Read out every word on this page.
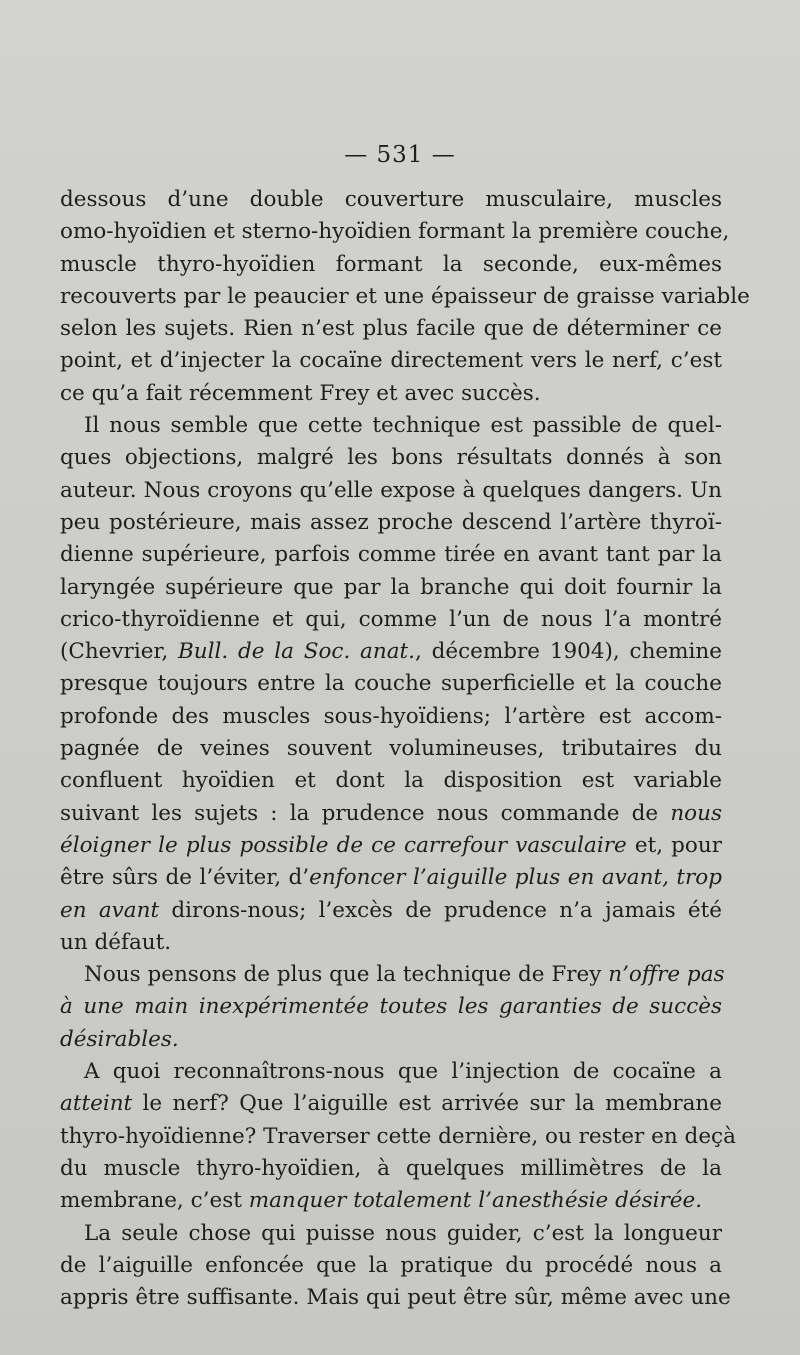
— 531 —
dessous d’une double couverture musculaire, muscles
omo-hyoïdien et sterno-hyoïdien formant la première couche,
muscle thyro-hyoïdien formant la seconde, eux-mêmes
recouverts par le peaucier et une épaisseur de graisse variable
selon les sujets. Rien n’est plus facile que de déterminer ce
point, et d’injecter la cocaïne directement vers le nerf, c’est
ce qu’a fait récemment Frey et avec succès.
Il nous semble que cette technique est passible de quel-
ques objections, malgré les bons résultats donnés à son
auteur. Nous croyons qu’elle expose à quelques dangers. Un
peu postérieure, mais assez proche descend l’artère thyroï-
dienne supérieure, parfois comme tirée en avant tant par la
laryngée supérieure que par la branche qui doit fournir la
crico-thyroïdienne et qui, comme l’un de nous l’a montré
(Chevrier, Bull. de la Soc. anat., décembre 1904), chemine
presque toujours entre la couche superficielle et la couche
profonde des muscles sous-hyoïdiens; l’artère est accom-
pagnée de veines souvent volumineuses, tributaires du
confluent hyoïdien et dont la disposition est variable
suivant les sujets : la prudence nous commande de nous
éloigner le plus possible de ce carrefour vasculaire et, pour
être sûrs de l’éviter, d’enfoncer l’aiguille plus en avant, trop
en avant dirons-nous; l’excès de prudence n’a jamais été
un défaut.
Nous pensons de plus que la technique de Frey n’offre pas
à une main inexpérimentée toutes les garanties de succès
désirables.
A quoi reconnaîtrons-nous que l’injection de cocaïne a
atteint le nerf? Que l’aiguille est arrivée sur la membrane
thyro-hyoïdienne? Traverser cette dernière, ou rester en deçà
du muscle thyro-hyoïdien, à quelques millimètres de la
membrane, c’est manquer totalement l’anesthésie désirée.
La seule chose qui puisse nous guider, c’est la longueur
de l’aiguille enfoncée que la pratique du procédé nous a
appris être suffisante. Mais qui peut être sûr, même avec une
